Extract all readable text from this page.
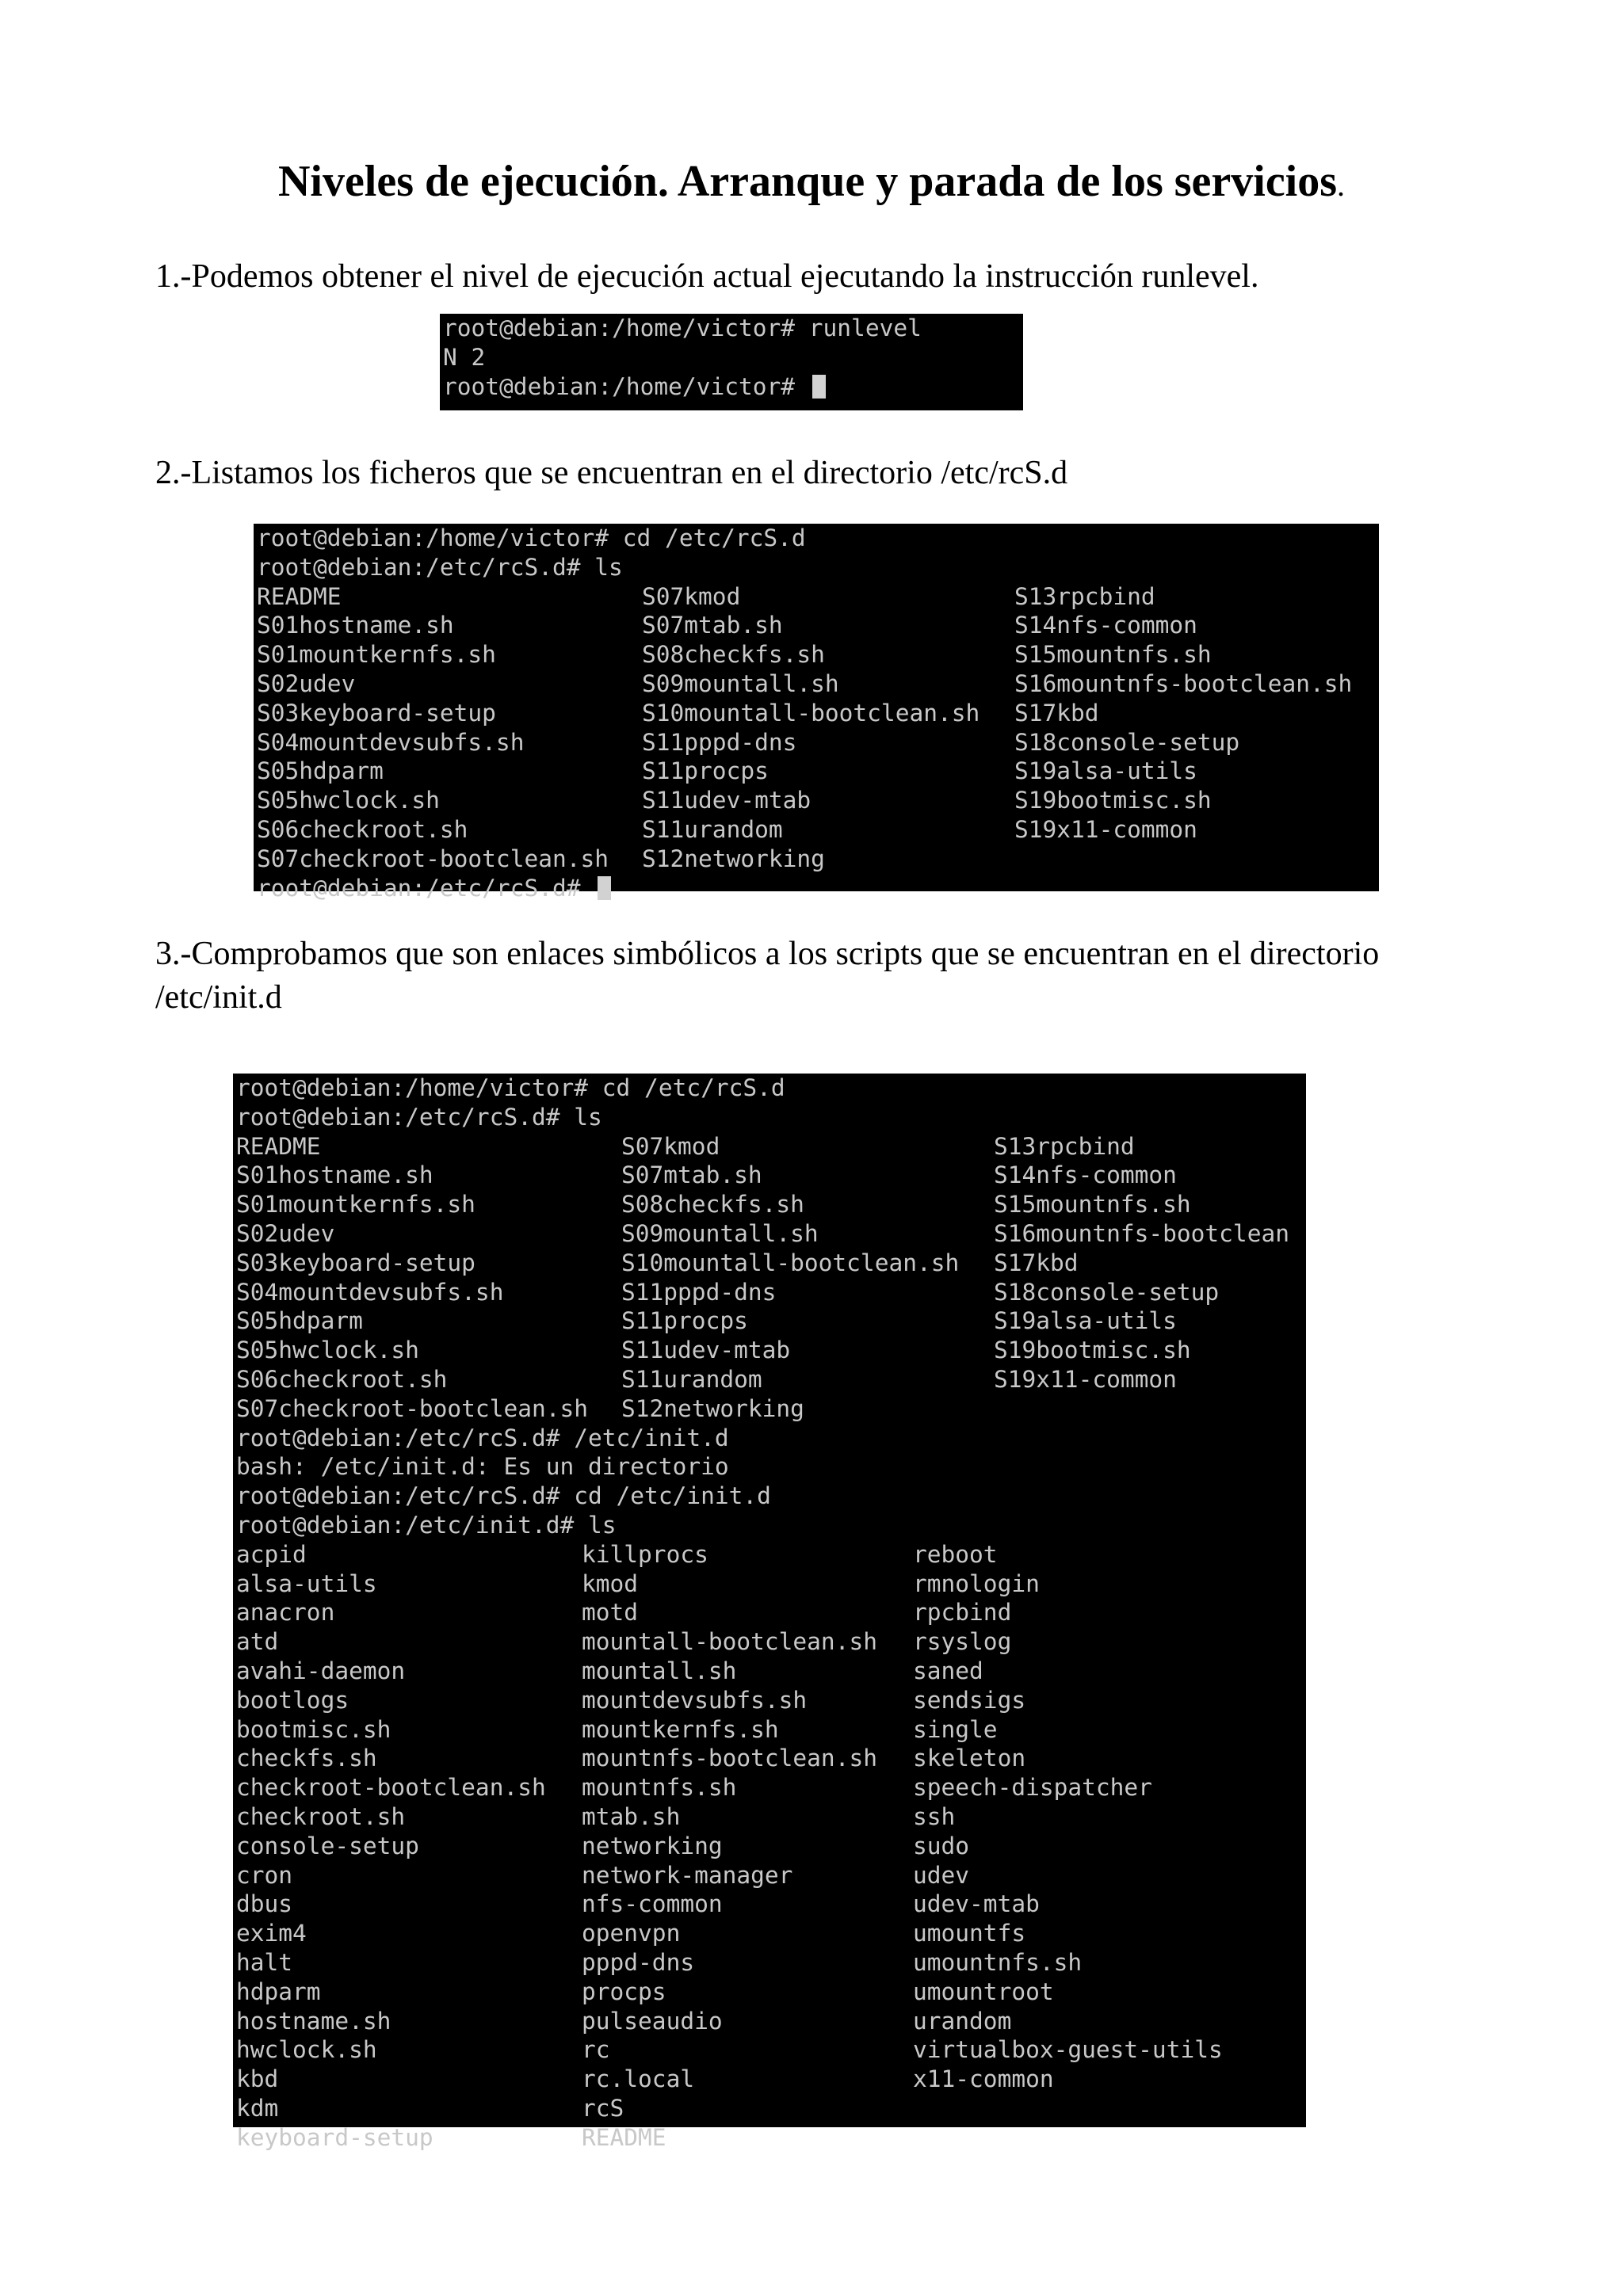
Niveles de ejecución. Arranque y parada de los servicios.

1.-Podemos obtener el nivel de ejecución actual ejecutando la instrucción runlevel.

root@debian:/home/victor# runlevel
N 2
root@debian:/home/victor#

2.-Listamos los ficheros que se encuentran en el directorio /etc/rcS.d

root@debian:/home/victor# cd /etc/rcS.d
root@debian:/etc/rcS.d# ls
README
S01hostname.sh
S01mountkernfs.sh
S02udev
S03keyboard-setup
S04mountdevsubfs.sh
S05hdparm
S05hwclock.sh
S06checkroot.sh
S07checkroot-bootclean.sh
S07kmod
S07mtab.sh
S08checkfs.sh
S09mountall.sh
S10mountall-bootclean.sh
S11pppd-dns
S11procps
S11udev-mtab
S11urandom
S12networking
S13rpcbind
S14nfs-common
S15mountnfs.sh
S16mountnfs-bootclean.sh
S17kbd
S18console-setup
S19alsa-utils
S19bootmisc.sh
S19x11-common
root@debian:/etc/rcS.d#

3.-Comprobamos que son enlaces simbólicos a los scripts que se encuentran en el directorio /etc/init.d

root@debian:/home/victor# cd /etc/rcS.d
root@debian:/etc/rcS.d# ls
README
S01hostname.sh
S01mountkernfs.sh
S02udev
S03keyboard-setup
S04mountdevsubfs.sh
S05hdparm
S05hwclock.sh
S06checkroot.sh
S07checkroot-bootclean.sh
S07kmod
S07mtab.sh
S08checkfs.sh
S09mountall.sh
S10mountall-bootclean.sh
S11pppd-dns
S11procps
S11udev-mtab
S11urandom
S12networking
S13rpcbind
S14nfs-common
S15mountnfs.sh
S16mountnfs-bootclean
S17kbd
S18console-setup
S19alsa-utils
S19bootmisc.sh
S19x11-common
root@debian:/etc/rcS.d# /etc/init.d
bash: /etc/init.d: Es un directorio
root@debian:/etc/rcS.d# cd /etc/init.d
root@debian:/etc/init.d# ls
acpid
alsa-utils
anacron
atd
avahi-daemon
bootlogs
bootmisc.sh
checkfs.sh
checkroot-bootclean.sh
checkroot.sh
console-setup
cron
dbus
exim4
halt
hdparm
hostname.sh
hwclock.sh
kbd
kdm
keyboard-setup
killprocs
kmod
motd
mountall-bootclean.sh
mountall.sh
mountdevsubfs.sh
mountkernfs.sh
mountnfs-bootclean.sh
mountnfs.sh
mtab.sh
networking
network-manager
nfs-common
openvpn
pppd-dns
procps
pulseaudio
rc
rc.local
rcS
README
reboot
rmnologin
rpcbind
rsyslog
saned
sendsigs
single
skeleton
speech-dispatcher
ssh
sudo
udev
udev-mtab
umountfs
umountnfs.sh
umountroot
urandom
virtualbox-guest-utils
x11-common
